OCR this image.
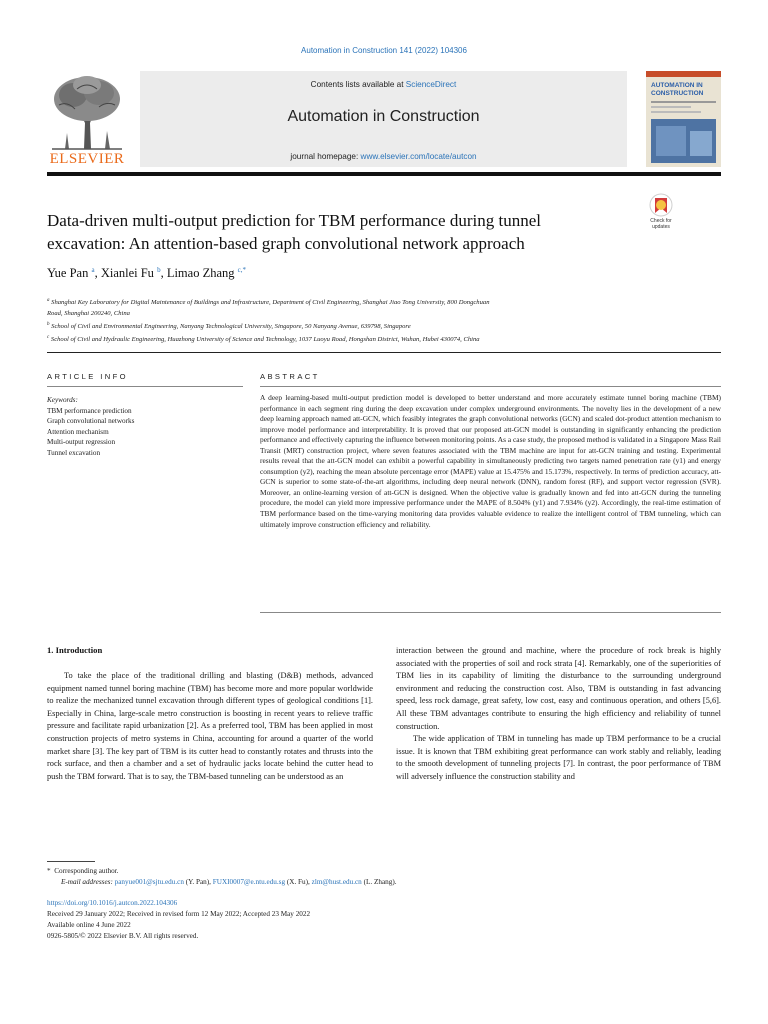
Automation in Construction 141 (2022) 104306
ELSEVIER
Contents lists available at ScienceDirect
Automation in Construction
journal homepage: www.elsevier.com/locate/autcon
AUTOMATION IN
CONSTRUCTION
Check for
updates
Data-driven multi-output prediction for TBM performance during tunnel
excavation: An attention-based graph convolutional network approach
Yue Pan $^a$, Xianlei Fu $^b$, Limao Zhang $^{c,*}$
$^a$ Shanghai Key Laboratory for Digital Maintenance of Buildings and Infrastructure, Department of Civil Engineering, Shanghai Jiao Tong University, 800 Dongchuan
Road, Shanghai 200240, China
$^b$ School of Civil and Environmental Engineering, Nanyang Technological University, Singapore, 50 Nanyang Avenue, 639798, Singapore
$^c$ School of Civil and Hydraulic Engineering, Huazhong University of Science and Technology, 1037 Luoyu Road, Hongshan District, Wuhan, Hubei 430074, China
ARTICLE INFO	ABSTRACT
Keywords:
TBM performance prediction
Graph convolutional networks
Attention mechanism
Multi-output regression
Tunnel excavation
A deep learning-based multi-output prediction model is developed to better understand and more accurately estimate tunnel boring machine (TBM) performance in each segment ring during the deep excavation under complex underground environments. The novelty lies in the development of a new deep learning approach named att-GCN, which feasibly integrates the graph convolutional networks (GCN) and scaled dot-product attention mechanism to improve model performance and interpretability. It is proved that our proposed att-GCN model is outstanding in significantly enhancing the prediction performance and effectively capturing the influence between monitoring points. As a case study, the proposed method is validated in a Singapore Mass Rail Transit (MRT) construction project, where seven features associated with the TBM machine are input for att-GCN training and testing. Experimental results reveal that the att-GCN model can exhibit a powerful capability in simultaneously predicting two targets named penetration rate (y1) and energy consumption (y2), reaching the mean absolute percentage error (MAPE) value at 15.475% and 15.173%, respectively. In terms of prediction accuracy, att-GCN is superior to some state-of-the-art algorithms, including deep neural network (DNN), random forest (RF), and support vector regression (SVR). Moreover, an online-learning version of att-GCN is designed. When the objective value is gradually known and fed into att-GCN during the tunneling procedure, the model can yield more impressive performance under the MAPE of 8.504% (y1) and 7.934% (y2). Accordingly, the real-time estimation of TBM performance based on the time-varying monitoring data provides valuable evidence to realize the intelligent control of TBM tunneling, which can ultimately improve construction efficiency and reliability.
1. Introduction

To take the place of the traditional drilling and blasting (D&B) methods, advanced equipment named tunnel boring machine (TBM) has become more and more popular worldwide to realize the mechanized tunnel excavation through different types of geological conditions [1]. Especially in China, large-scale metro construction is boosting in recent years to relieve traffic pressure and facilitate rapid urbanization [2]. As a preferred tool, TBM has been applied in most construction projects of metro systems in China, accounting for around a quarter of the world market share [3]. The key part of TBM is its cutter head to constantly rotates and thrusts into the rock surface, and then a chamber and a set of hydraulic jacks locate behind the cutter head to push the TBM forward. That is to say, the TBM-based tunneling can be understood as an

interaction between the ground and machine, where the procedure of rock break is highly associated with the properties of soil and rock strata [4]. Remarkably, one of the superiorities of TBM lies in its capability of limiting the disturbance to the surrounding underground environment and reducing the construction cost. Also, TBM is outstanding in fast advancing speed, less rock damage, great safety, low cost, easy and continuous operation, and others [5,6]. All these TBM advantages contribute to ensuring the high efficiency and reliability of tunnel construction.

The wide application of TBM in tunneling has made up TBM performance to be a crucial issue. It is known that TBM exhibiting great performance can work stably and reliably, leading to the smooth development of tunneling projects [7]. In contrast, the poor performance of TBM will adversely influence the construction stability and

* Corresponding author.
E-mail addresses: panyue001@sjtu.edu.cn (Y. Pan), FUXI0007@e.ntu.edu.sg (X. Fu), zlm@hust.edu.cn (L. Zhang).
https://doi.org/10.1016/j.autcon.2022.104306
Received 29 January 2022; Received in revised form 12 May 2022; Accepted 23 May 2022
Available online 4 June 2022
0926-5805/© 2022 Elsevier B.V. All rights reserved.
